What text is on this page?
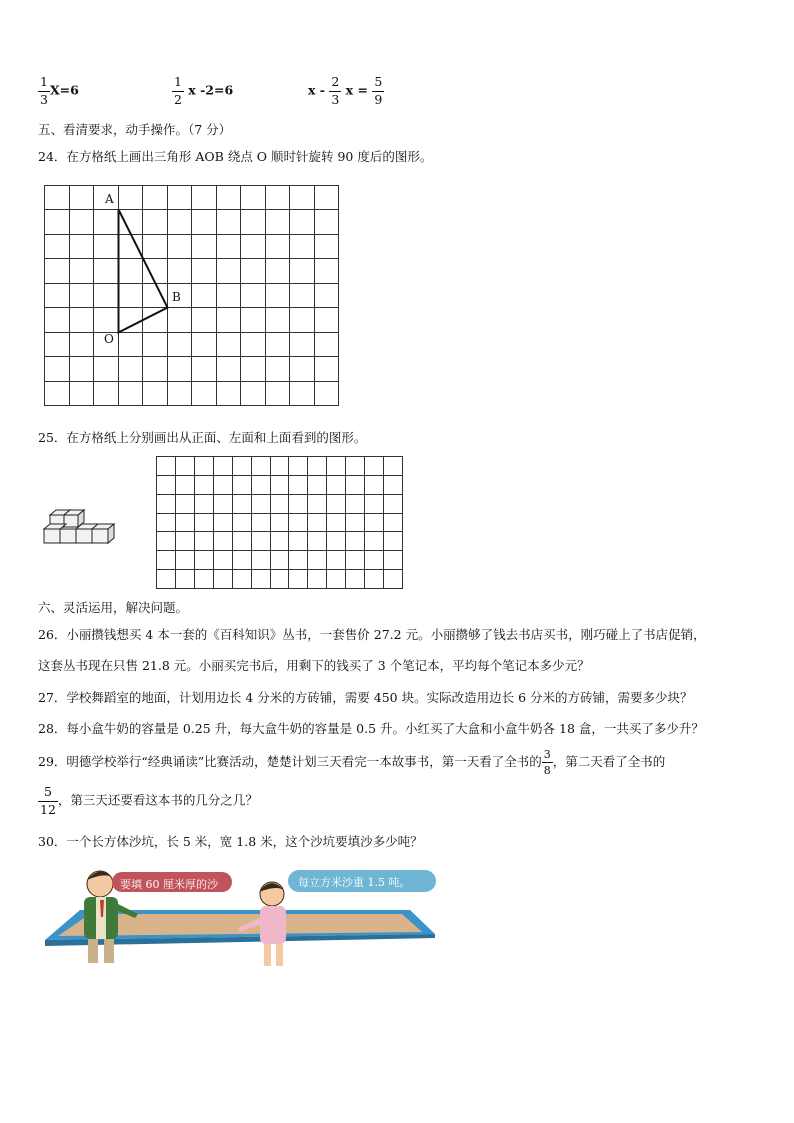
$\frac{1}{3} X=6$	$\frac{1}{2}$ x -2=6	x - $\frac{2}{3}$ $x = \frac{5}{9}$
五、看清要求，动手操作。（7 分）
24．在方格纸上画出三角形 AOB 绕点 O 顺时针旋转 90 度后的图形。
A
B
O
25．在方格纸上分别画出从正面、左面和上面看到的图形。
六、灵活运用，解决问题。
26．小丽攒钱想买 4 本一套的《百科知识》丛书，一套售价 27.2 元。小丽攒够了钱去书店买书，刚巧碰上了书店促销，
这套丛书现在只售 21.8 元。小丽买完书后，用剩下的钱买了 3 个笔记本，平均每个笔记本多少元？
27．学校舞蹈室的地面，计划用边长 4 分米的方砖铺，需要 450 块。实际改造用边长 6 分米的方砖铺，需要多少块？
28．每小盒牛奶的容量是 0.25 升，每大盒牛奶的容量是 0.5 升。小红买了大盒和小盒牛奶各 18 盒，一共买了多少升？
29．明德学校举行“经典诵读”比赛活动，楚楚计划三天看完一本故事书，第一天看了全书的 $\frac{3}{8}$ ，第二天看了全书的
$\frac{5}{12}$ ，第三天还要看这本书的几分之几？
30．一个长方体沙坑，长 5 米，宽 1.8 米，这个沙坑要填沙多少吨？
要填 60 厘米厚的沙	每立方米沙重 1.5 吨。
